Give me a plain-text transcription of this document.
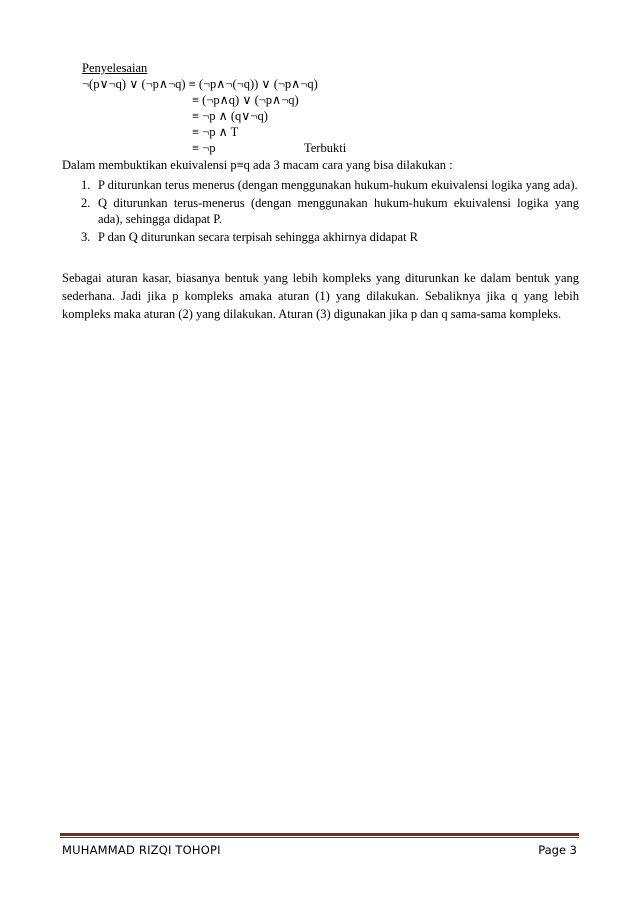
Penyelesaian
¬(p∨¬q) ∨ (¬p∧¬q) ≡ (¬p∧¬(¬q)) ∨ (¬p∧¬q)
≡ (¬p∧q) ∨ (¬p∧¬q)
≡ ¬p ∧ (q∨¬q)
≡ ¬p ∧ T
≡ ¬p	Terbukti
Dalam membuktikan ekuivalensi p≡q ada 3 macam cara yang bisa dilakukan :
1. P diturunkan terus menerus (dengan menggunakan hukum-hukum ekuivalensi logika yang ada).
2. Q diturunkan terus-menerus (dengan menggunakan hukum-hukum ekuivalensi logika yang ada), sehingga didapat P.
3. P dan Q diturunkan secara terpisah sehingga akhirnya didapat R
Sebagai aturan kasar, biasanya bentuk yang lebih kompleks yang diturunkan ke dalam bentuk yang sederhana. Jadi jika p kompleks amaka aturan (1) yang dilakukan. Sebaliknya jika q yang lebih kompleks maka aturan (2) yang dilakukan. Aturan (3) digunakan jika p dan q sama-sama kompleks.
MUHAMMAD RIZQI TOHOPI	Page 3
